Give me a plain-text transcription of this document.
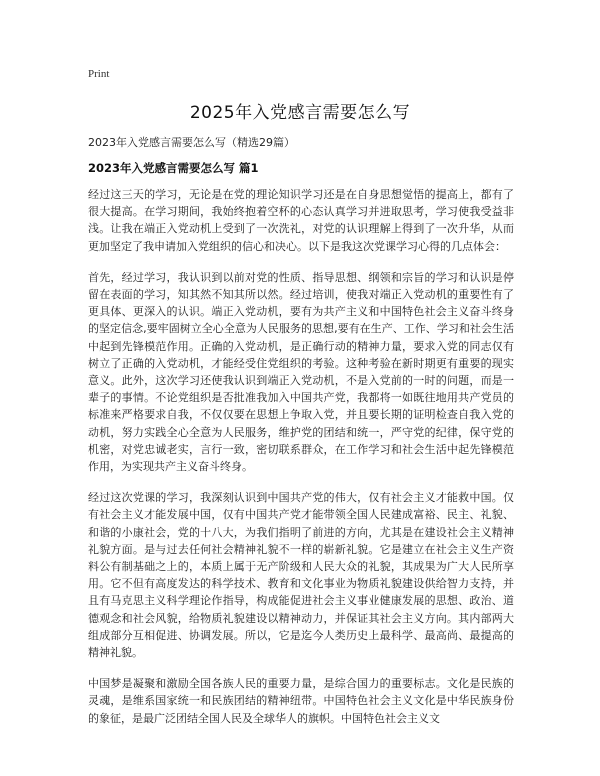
Print
2025年入党感言需要怎么写
2023年入党感言需要怎么写（精选29篇）
2023年入党感言需要怎么写 篇1

经过这三天的学习，无论是在党的理论知识学习还是在自身思想觉悟的提高上，都有了很大提高。在学习期间，我始终抱着空杯的心态认真学习并进取思考，学习使我受益非浅。让我在端正入党动机上受到了一次洗礼，对党的认识理解上得到了一次升华，从而更加坚定了我申请加入党组织的信心和决心。以下是我这次党课学习心得的几点体会：

首先，经过学习，我认识到以前对党的性质、指导思想、纲领和宗旨的学习和认识是停留在表面的学习，知其然不知其所以然。经过培训，使我对端正入党动机的重要性有了更具体、更深入的认识。端正入党动机，要有为共产主义和中国特色社会主义奋斗终身的坚定信念,要牢固树立全心全意为人民服务的思想,要有在生产、工作、学习和社会生活中起到先锋模范作用。正确的入党动机，是正确行动的精神力量，要求入党的同志仅有树立了正确的入党动机，才能经受住党组织的考验。这种考验在新时期更有重要的现实意义。此外，这次学习还使我认识到端正入党动机，不是入党前的一时的问题，而是一辈子的事情。不论党组织是否批准我加入中国共产党，我都将一如既往地用共产党员的标准来严格要求自我，不仅仅要在思想上争取入党，并且要长期的证明检查自我入党的动机，努力实践全心全意为人民服务，维护党的团结和统一，严守党的纪律，保守党的机密，对党忠诚老实，言行一致，密切联系群众，在工作学习和社会生活中起先锋模范作用，为实现共产主义奋斗终身。

经过这次党课的学习，我深刻认识到中国共产党的伟大，仅有社会主义才能救中国。仅有社会主义才能发展中国，仅有中国共产党才能带领全国人民建成富裕、民主、礼貌、和谐的小康社会，党的十八大，为我们指明了前进的方向，尤其是在建设社会主义精神礼貌方面。是与过去任何社会精神礼貌不一样的崭新礼貌。它是建立在社会主义生产资料公有制基础之上的，本质上属于无产阶级和人民大众的礼貌，其成果为广大人民所享用。它不但有高度发达的科学技术、教育和文化事业为物质礼貌建设供给智力支持，并且有马克思主义科学理论作指导，构成能促进社会主义事业健康发展的思想、政治、道德观念和社会风貌，给物质礼貌建设以精神动力，并保证其社会主义方向。其内部两大组成部分互相促进、协调发展。所以，它是迄今人类历史上最科学、最高尚、最提高的精神礼貌。

中国梦是凝聚和激励全国各族人民的重要力量，是综合国力的重要标志。文化是民族的灵魂，是维系国家统一和民族团结的精神纽带。中国特色社会主义文化是中华民族身份的象征，是最广泛团结全国人民及全球华人的旗帜。中国特色社会主义文
